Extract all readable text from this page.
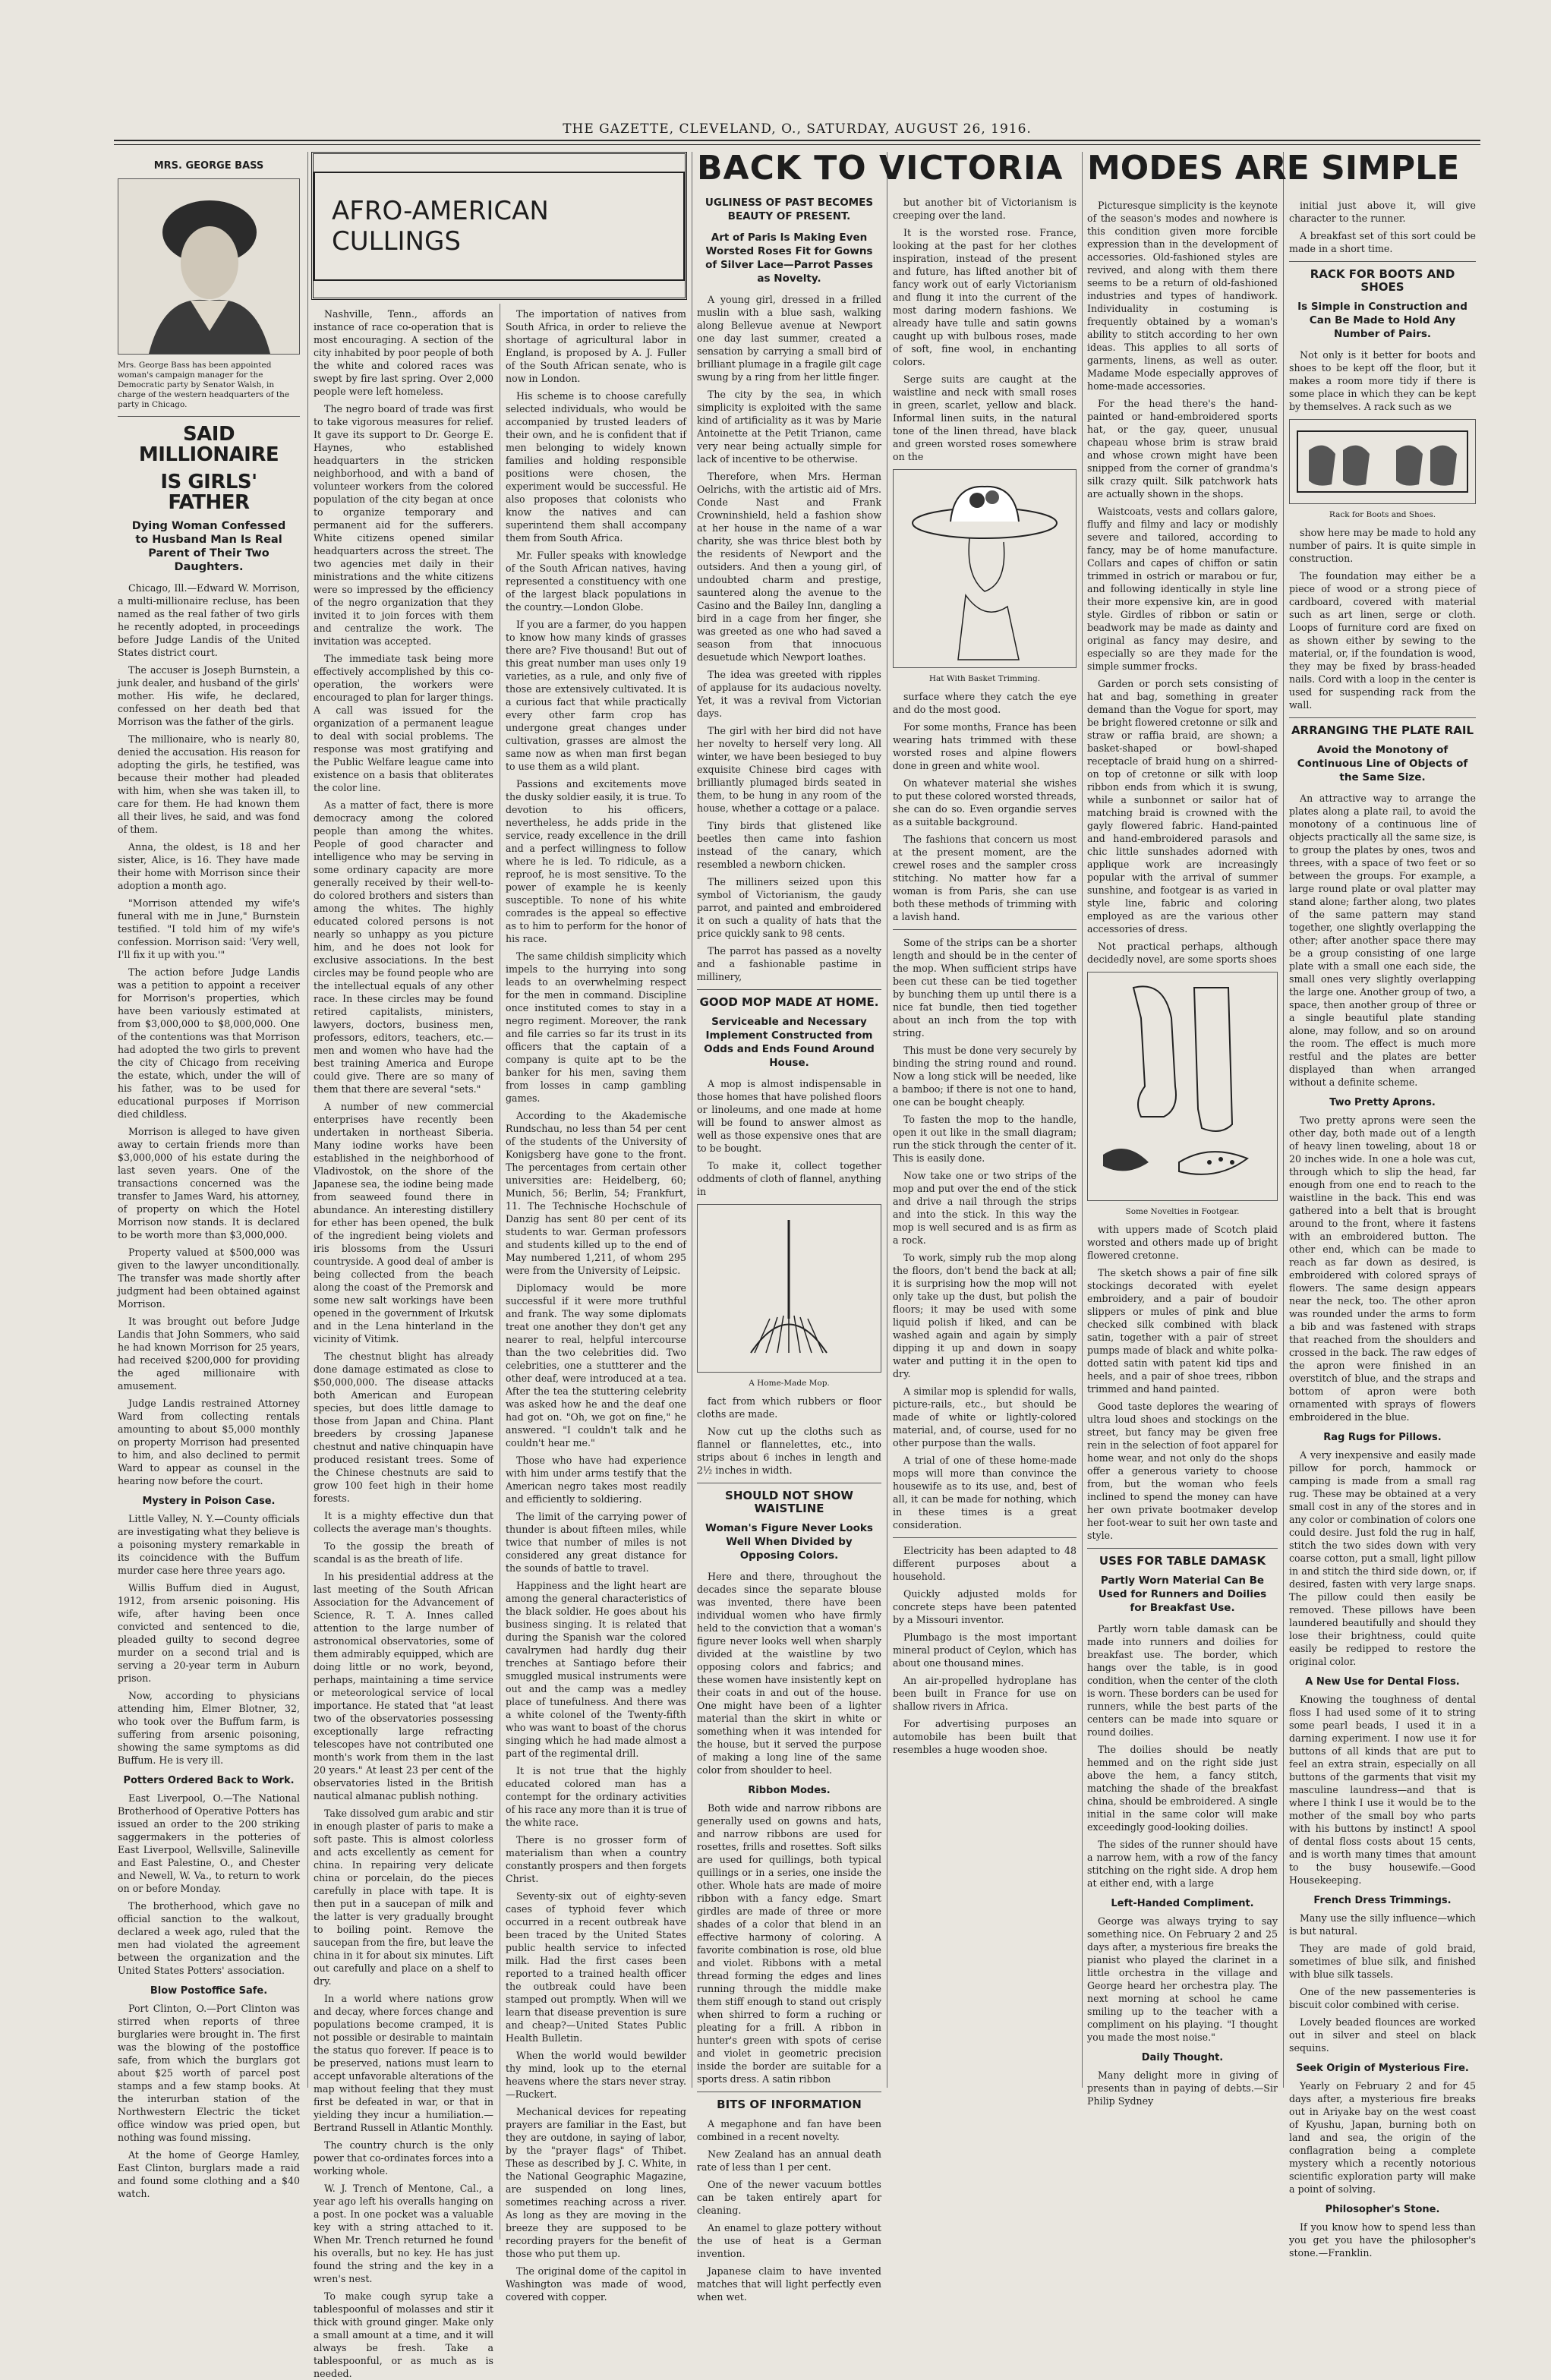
THE GAZETTE, CLEVELAND, O., SATURDAY, AUGUST 26, 1916.
MRS. GEORGE BASS
Mrs. George Bass has been appointed woman's campaign manager for the Democratic party by Senator Walsh, in charge of the western headquarters of the party in Chicago.
SAID MILLIONAIRE
IS GIRLS' FATHER
Dying Woman Confessed to Husband Man Is Real Parent of Their Two Daughters.

Chicago, Ill.—Edward W. Morrison, a multi-millionaire recluse, has been named as the real father of two girls he recently adopted, in proceedings before Judge Landis of the United States district court.

The accuser is Joseph Burnstein, a junk dealer, and husband of the girls' mother. His wife, he declared, confessed on her death bed that Morrison was the father of the girls.

The millionaire, who is nearly 80, denied the accusation. His reason for adopting the girls, he testified, was because their mother had pleaded with him, when she was taken ill, to care for them. He had known them all their lives, he said, and was fond of them.

Anna, the oldest, is 18 and her sister, Alice, is 16. They have made their home with Morrison since their adoption a month ago.

"Morrison attended my wife's funeral with me in June," Burnstein testified. "I told him of my wife's confession. Morrison said: 'Very well, I'll fix it up with you.'"

The action before Judge Landis was a petition to appoint a receiver for Morrison's properties, which have been variously estimated at from $3,000,000 to $8,000,000. One of the contentions was that Morrison had adopted the two girls to prevent the city of Chicago from receiving the estate, which, under the will of his father, was to be used for educational purposes if Morrison died childless.

Morrison is alleged to have given away to certain friends more than $3,000,000 of his estate during the last seven years. One of the transactions concerned was the transfer to James Ward, his attorney, of property on which the Hotel Morrison now stands. It is declared to be worth more than $3,000,000.

Property valued at $500,000 was given to the lawyer unconditionally. The transfer was made shortly after judgment had been obtained against Morrison.

It was brought out before Judge Landis that John Sommers, who said he had known Morrison for 25 years, had received $200,000 for providing the aged millionaire with amusement.

Judge Landis restrained Attorney Ward from collecting rentals amounting to about $5,000 monthly on property Morrison had presented to him, and also declined to permit Ward to appear as counsel in the hearing now before the court.

Mystery in Poison Case.

Little Valley, N. Y.—County officials are investigating what they believe is a poisoning mystery remarkable in its coincidence with the Buffum murder case here three years ago.

Willis Buffum died in August, 1912, from arsenic poisoning. His wife, after having been once convicted and sentenced to die, pleaded guilty to second degree murder on a second trial and is serving a 20-year term in Auburn prison.

Now, according to physicians attending him, Elmer Blotner, 32, who took over the Buffum farm, is suffering from arsenic poisoning, showing the same symptoms as did Buffum. He is very ill.

Potters Ordered Back to Work.

East Liverpool, O.—The National Brotherhood of Operative Potters has issued an order to the 200 striking saggermakers in the potteries of East Liverpool, Wellsville, Salineville and East Palestine, O., and Chester and Newell, W. Va., to return to work on or before Monday.

The brotherhood, which gave no official sanction to the walkout, declared a week ago, ruled that the men had violated the agreement between the organization and the United States Potters' association.

Blow Postoffice Safe.

Port Clinton, O.—Port Clinton was stirred when reports of three burglaries were brought in. The first was the blowing of the postoffice safe, from which the burglars got about $25 worth of parcel post stamps and a few stamp books. At the interurban station of the Northwestern Electric the ticket office window was pried open, but nothing was found missing.

At the home of George Hamley, East Clinton, burglars made a raid and found some clothing and a $40 watch.

AFRO-AMERICAN CULLINGS

Nashville, Tenn., affords an instance of race co-operation that is most encouraging. A section of the city inhabited by poor people of both the white and colored races was swept by fire last spring. Over 2,000 people were left homeless.

The negro board of trade was first to take vigorous measures for relief. It gave its support to Dr. George E. Haynes, who established headquarters in the stricken neighborhood, and with a band of volunteer workers from the colored population of the city began at once to organize temporary and permanent aid for the sufferers. White citizens opened similar headquarters across the street. The two agencies met daily in their ministrations and the white citizens were so impressed by the efficiency of the negro organization that they invited it to join forces with them and centralize the work. The invitation was accepted.

The immediate task being more effectively accomplished by this co-operation, the workers were encouraged to plan for larger things. A call was issued for the organization of a permanent league to deal with social problems. The response was most gratifying and the Public Welfare league came into existence on a basis that obliterates the color line.

As a matter of fact, there is more democracy among the colored people than among the whites. People of good character and intelligence who may be serving in some ordinary capacity are more generally received by their well-to-do colored brothers and sisters than among the whites. The highly educated colored persons is not nearly so unhappy as you picture him, and he does not look for exclusive associations. In the best circles may be found people who are the intellectual equals of any other race. In these circles may be found retired capitalists, ministers, lawyers, doctors, business men, professors, editors, teachers, etc.—men and women who have had the best training America and Europe could give. There are so many of them that there are several "sets."

A number of new commercial enterprises have recently been undertaken in northeast Siberia. Many iodine works have been established in the neighborhood of Vladivostok, on the shore of the Japanese sea, the iodine being made from seaweed found there in abundance. An interesting distillery for ether has been opened, the bulk of the ingredient being violets and iris blossoms from the Ussuri countryside. A good deal of amber is being collected from the beach along the coast of the Premorsk and some new salt workings have been opened in the government of Irkutsk and in the Lena hinterland in the vicinity of Vitimk.

The chestnut blight has already done damage estimated as close to $50,000,000. The disease attacks both American and European species, but does little damage to those from Japan and China. Plant breeders by crossing Japanese chestnut and native chinquapin have produced resistant trees. Some of the Chinese chestnuts are said to grow 100 feet high in their home forests.

It is a mighty effective dun that collects the average man's thoughts.

To the gossip the breath of scandal is as the breath of life.

In his presidential address at the last meeting of the South African Association for the Advancement of Science, R. T. A. Innes called attention to the large number of astronomical observatories, some of them admirably equipped, which are doing little or no work, beyond, perhaps, maintaining a time service or meteorological service of local importance. He stated that "at least two of the observatories possessing exceptionally large refracting telescopes have not contributed one month's work from them in the last 20 years." At least 23 per cent of the observatories listed in the British nautical almanac publish nothing.

Take dissolved gum arabic and stir in enough plaster of paris to make a soft paste. This is almost colorless and acts excellently as cement for china. In repairing very delicate china or porcelain, do the pieces carefully in place with tape. It is then put in a saucepan of milk and the latter is very gradually brought to boiling point. Remove the saucepan from the fire, but leave the china in it for about six minutes. Lift out carefully and place on a shelf to dry.

In a world where nations grow and decay, where forces change and populations become cramped, it is not possible or desirable to maintain the status quo forever. If peace is to be preserved, nations must learn to accept unfavorable alterations of the map without feeling that they must first be defeated in war, or that in yielding they incur a humiliation.—Bertrand Russell in Atlantic Monthly.

The country church is the only power that co-ordinates forces into a working whole.

W. J. Trench of Mentone, Cal., a year ago left his overalls hanging on a post. In one pocket was a valuable key with a string attached to it. When Mr. Trench returned he found his overalls, but no key. He has just found the string and the key in a wren's nest.

To make cough syrup take a tablespoonful of molasses and stir it thick with ground ginger. Make only a small amount at a time, and it will always be fresh. Take a tablespoonful, or as much as is needed.

The importation of natives from South Africa, in order to relieve the shortage of agricultural labor in England, is proposed by A. J. Fuller of the South African senate, who is now in London.

His scheme is to choose carefully selected individuals, who would be accompanied by trusted leaders of their own, and he is confident that if men belonging to widely known families and holding responsible positions were chosen, the experiment would be successful. He also proposes that colonists who know the natives and can superintend them shall accompany them from South Africa.

Mr. Fuller speaks with knowledge of the South African natives, having represented a constituency with one of the largest black populations in the country.—London Globe.

If you are a farmer, do you happen to know how many kinds of grasses there are? Five thousand! But out of this great number man uses only 19 varieties, as a rule, and only five of those are extensively cultivated. It is a curious fact that while practically every other farm crop has undergone great changes under cultivation, grasses are almost the same now as when man first began to use them as a wild plant.

Passions and excitements move the dusky soldier easily, it is true. To devotion to his officers, nevertheless, he adds pride in the service, ready excellence in the drill and a perfect willingness to follow where he is led. To ridicule, as a reproof, he is most sensitive. To the power of example he is keenly susceptible. To none of his white comrades is the appeal so effective as to him to perform for the honor of his race.

The same childish simplicity which impels to the hurrying into song leads to an overwhelming respect for the men in command. Discipline once instituted comes to stay in a negro regiment. Moreover, the rank and file carries so far its trust in its officers that the captain of a company is quite apt to be the banker for his men, saving them from losses in camp gambling games.

According to the Akademische Rundschau, no less than 54 per cent of the students of the University of Konigsberg have gone to the front. The percentages from certain other universities are: Heidelberg, 60; Munich, 56; Berlin, 54; Frankfurt, 11. The Technische Hochschule of Danzig has sent 80 per cent of its students to war. German professors and students killed up to the end of May numbered 1,211, of whom 295 were from the University of Leipsic.

Diplomacy would be more successful if it were more truthful and frank. The way some diplomats treat one another they don't get any nearer to real, helpful intercourse than the two celebrities did. Two celebrities, one a stuttterer and the other deaf, were introduced at a tea. After the tea the stuttering celebrity was asked how he and the deaf one had got on. "Oh, we got on fine," he answered. "I couldn't talk and he couldn't hear me."

Those who have had experience with him under arms testify that the American negro takes most readily and efficiently to soldiering.

The limit of the carrying power of thunder is about fifteen miles, while twice that number of miles is not considered any great distance for the sounds of battle to travel.

Happiness and the light heart are among the general characteristics of the black soldier. He goes about his business singing. It is related that during the Spanish war the colored cavalrymen had hardly dug their trenches at Santiago before their smuggled musical instruments were out and the camp was a medley place of tunefulness. And there was a white colonel of the Twenty-fifth who was want to boast of the chorus singing which he had made almost a part of the regimental drill.

It is not true that the highly educated colored man has a contempt for the ordinary activities of his race any more than it is true of the white race.

There is no grosser form of materialism than when a country constantly prospers and then forgets Christ.

Seventy-six out of eighty-seven cases of typhoid fever which occurred in a recent outbreak have been traced by the United States public health service to infected milk. Had the first cases been reported to a trained health officer the outbreak could have been stamped out promptly. When will we learn that disease prevention is sure and cheap?—United States Public Health Bulletin.

When the world would bewilder thy mind, look up to the eternal heavens where the stars never stray.—Ruckert.

Mechanical devices for repeating prayers are familiar in the East, but they are outdone, in saying of labor, by the "prayer flags" of Thibet. These as described by J. C. White, in the National Geographic Magazine, are suspended on long lines, sometimes reaching across a river. As long as they are moving in the breeze they are supposed to be recording prayers for the benefit of those who put them up.

The original dome of the capitol in Washington was made of wood, covered with copper.

BACK TO VICTORIA
UGLINESS OF PAST BECOMES BEAUTY OF PRESENT.
Art of Paris Is Making Even Worsted Roses Fit for Gowns of Silver Lace—Parrot Passes as Novelty.

A young girl, dressed in a frilled muslin with a blue sash, walking along Bellevue avenue at Newport one day last summer, created a sensation by carrying a small bird of brilliant plumage in a fragile gilt cage swung by a ring from her little finger.

The city by the sea, in which simplicity is exploited with the same kind of artificiality as it was by Marie Antoinette at the Petit Trianon, came very near being actually simple for lack of incentive to be otherwise.

Therefore, when Mrs. Herman Oelrichs, with the artistic aid of Mrs. Conde Nast and Frank Crowninshield, held a fashion show at her house in the name of a war charity, she was thrice blest both by the residents of Newport and the outsiders. And then a young girl, of undoubted charm and prestige, sauntered along the avenue to the Casino and the Bailey Inn, dangling a bird in a cage from her finger, she was greeted as one who had saved a season from that innocuous desuetude which Newport loathes.

The idea was greeted with ripples of applause for its audacious novelty. Yet, it was a revival from Victorian days.

The girl with her bird did not have her novelty to herself very long. All winter, we have been besieged to buy exquisite Chinese bird cages with brilliantly plumaged birds seated in them, to be hung in any room of the house, whether a cottage or a palace.

Tiny birds that glistened like beetles then came into fashion instead of the canary, which resembled a newborn chicken.

The milliners seized upon this symbol of Victorianism, the gaudy parrot, and painted and embroidered it on such a quality of hats that the price quickly sank to 98 cents.

The parrot has passed as a novelty and a fashionable pastime in millinery,

GOOD MOP MADE AT HOME.
Serviceable and Necessary Implement Constructed from Odds and Ends Found Around House.

A mop is almost indispensable in those homes that have polished floors or linoleums, and one made at home will be found to answer almost as well as those expensive ones that are to be bought.

To make it, collect together oddments of cloth of flannel, anything in

A Home-Made Mop.

fact from which rubbers or floor cloths are made.

Now cut up the cloths such as flannel or flannelettes, etc., into strips about 6 inches in length and 2½ inches in width.

SHOULD NOT SHOW WAISTLINE
Woman's Figure Never Looks Well When Divided by Opposing Colors.

Here and there, throughout the decades since the separate blouse was invented, there have been individual women who have firmly held to the conviction that a woman's figure never looks well when sharply divided at the waistline by two opposing colors and fabrics; and these women have insistently kept on their coats in and out of the house. One might have been of a lighter material than the skirt in white or something when it was intended for the house, but it served the purpose of making a long line of the same color from shoulder to heel.

Ribbon Modes.

Both wide and narrow ribbons are generally used on gowns and hats, and narrow ribbons are used for rosettes, frills and rosettes. Soft silks are used for quillings, both typical quillings or in a series, one inside the other. Whole hats are made of moire ribbon with a fancy edge. Smart girdles are made of three or more shades of a color that blend in an effective harmony of coloring. A favorite combination is rose, old blue and violet. Ribbons with a metal thread forming the edges and lines running through the middle make them stiff enough to stand out crisply when shirred to form a ruching or pleating for a frill. A ribbon in hunter's green with spots of cerise and violet in geometric precision inside the border are suitable for a sports dress. A satin ribbon

BITS OF INFORMATION

A megaphone and fan have been combined in a recent novelty.

New Zealand has an annual death rate of less than 1 per cent.

One of the newer vacuum bottles can be taken entirely apart for cleaning.

An enamel to glaze pottery without the use of heat is a German invention.

Japanese claim to have invented matches that will light perfectly even when wet.

but another bit of Victorianism is creeping over the land.

It is the worsted rose. France, looking at the past for her clothes inspiration, instead of the present and future, has lifted another bit of fancy work out of early Victorianism and flung it into the current of the most daring modern fashions. We already have tulle and satin gowns caught up with bulbous roses, made of soft, fine wool, in enchanting colors.

Serge suits are caught at the waistline and neck with small roses in green, scarlet, yellow and black. Informal linen suits, in the natural tone of the linen thread, have black and green worsted roses somewhere on the

Hat With Basket Trimming.

surface where they catch the eye and do the most good.

For some months, France has been wearing hats trimmed with these worsted roses and alpine flowers done in green and white wool.

On whatever material she wishes to put these colored worsted threads, she can do so. Even organdie serves as a suitable background.

The fashions that concern us most at the present moment, are the crewel roses and the sampler cross stitching. No matter how far a woman is from Paris, she can use both these methods of trimming with a lavish hand.

Some of the strips can be a shorter length and should be in the center of the mop. When sufficient strips have been cut these can be tied together by bunching them up until there is a nice fat bundle, then tied together about an inch from the top with string.

This must be done very securely by binding the string round and round. Now a long stick will be needed, like a bamboo; if there is not one to hand, one can be bought cheaply.

To fasten the mop to the handle, open it out like in the small diagram; run the stick through the center of it. This is easily done.

Now take one or two strips of the mop and put over the end of the stick and drive a nail through the strips and into the stick. In this way the mop is well secured and is as firm as a rock.

To work, simply rub the mop along the floors, don't bend the back at all; it is surprising how the mop will not only take up the dust, but polish the floors; it may be used with some liquid polish if liked, and can be washed again and again by simply dipping it up and down in soapy water and putting it in the open to dry.

A similar mop is splendid for walls, picture-rails, etc., but should be made of white or lightly-colored material, and, of course, used for no other purpose than the walls.

A trial of one of these home-made mops will more than convince the housewife as to its use, and, best of all, it can be made for nothing, which in these times is a great consideration.

Electricity has been adapted to 48 different purposes about a household.

Quickly adjusted molds for concrete steps have been patented by a Missouri inventor.

Plumbago is the most important mineral product of Ceylon, which has about one thousand mines.

An air-propelled hydroplane has been built in France for use on shallow rivers in Africa.

For advertising purposes an automobile has been built that resembles a huge wooden shoe.

MODES ARE SIMPLE

Picturesque simplicity is the keynote of the season's modes and nowhere is this condition given more forcible expression than in the development of accessories. Old-fashioned styles are revived, and along with them there seems to be a return of old-fashioned industries and types of handiwork. Individuality in costuming is frequently obtained by a woman's ability to stitch according to her own ideas. This applies to all sorts of garments, linens, as well as outer. Madame Mode especially approves of home-made accessories.

For the head there's the hand-painted or hand-embroidered sports hat, or the gay, queer, unusual chapeau whose brim is straw braid and whose crown might have been snipped from the corner of grandma's silk crazy quilt. Silk patchwork hats are actually shown in the shops.

Waistcoats, vests and collars galore, fluffy and filmy and lacy or modishly severe and tailored, according to fancy, may be of home manufacture. Collars and capes of chiffon or satin trimmed in ostrich or marabou or fur, and following identically in style line their more expensive kin, are in good style. Girdles of ribbon or satin or beadwork may be made as dainty and original as fancy may desire, and especially so are they made for the simple summer frocks.

Garden or porch sets consisting of hat and bag, something in greater demand than the Vogue for sport, may be bright flowered cretonne or silk and straw or raffia braid, are shown; a basket-shaped or bowl-shaped receptacle of braid hung on a shirred-on top of cretonne or silk with loop ribbon ends from which it is swung, while a sunbonnet or sailor hat of matching braid is crowned with the gayly flowered fabric. Hand-painted and hand-embroidered parasols and chic little sunshades adorned with applique work are increasingly popular with the arrival of summer sunshine, and footgear is as varied in style line, fabric and coloring employed as are the various other accessories of dress.

Not practical perhaps, although decidedly novel, are some sports shoes

Some Novelties in Footgear.

with uppers made of Scotch plaid worsted and others made up of bright flowered cretonne.

The sketch shows a pair of fine silk stockings decorated with eyelet embroidery, and a pair of boudoir slippers or mules of pink and blue checked silk combined with black satin, together with a pair of street pumps made of black and white polka-dotted satin with patent kid tips and heels, and a pair of shoe trees, ribbon trimmed and hand painted.

Good taste deplores the wearing of ultra loud shoes and stockings on the street, but fancy may be given free rein in the selection of foot apparel for home wear, and not only do the shops offer a generous variety to choose from, but the woman who feels inclined to spend the money can have her own private bootmaker develop her foot-wear to suit her own taste and style.

USES FOR TABLE DAMASK
Partly Worn Material Can Be Used for Runners and Doilies for Breakfast Use.

Partly worn table damask can be made into runners and doilies for breakfast use. The border, which hangs over the table, is in good condition, when the center of the cloth is worn. These borders can be used for runners, while the best parts of the centers can be made into square or round doilies.

The doilies should be neatly hemmed and on the right side just above the hem, a fancy stitch, matching the shade of the breakfast china, should be embroidered. A single initial in the same color will make exceedingly good-looking doilies.

The sides of the runner should have a narrow hem, with a row of the fancy stitching on the right side. A drop hem at either end, with a large

Left-Handed Compliment.

George was always trying to say something nice. On February 2 and 25 days after, a mysterious fire breaks the pianist who played the clarinet in a little orchestra in the village and George heard her orchestra play. The next morning at school he came smiling up to the teacher with a compliment on his playing. "I thought you made the most noise."

Daily Thought.

Many delight more in giving of presents than in paying of debts.—Sir Philip Sydney

initial just above it, will give character to the runner.

A breakfast set of this sort could be made in a short time.

RACK FOR BOOTS AND SHOES
Is Simple in Construction and Can Be Made to Hold Any Number of Pairs.

Not only is it better for boots and shoes to be kept off the floor, but it makes a room more tidy if there is some place in which they can be kept by themselves. A rack such as we

Rack for Boots and Shoes.

show here may be made to hold any number of pairs. It is quite simple in construction.

The foundation may either be a piece of wood or a strong piece of cardboard, covered with material such as art linen, serge or cloth. Loops of furniture cord are fixed on as shown either by sewing to the material, or, if the foundation is wood, they may be fixed by brass-headed nails. Cord with a loop in the center is used for suspending rack from the wall.

ARRANGING THE PLATE RAIL
Avoid the Monotony of Continuous Line of Objects of the Same Size.

An attractive way to arrange the plates along a plate rail, to avoid the monotony of a continuous line of objects practically all the same size, is to group the plates by ones, twos and threes, with a space of two feet or so between the groups. For example, a large round plate or oval platter may stand alone; farther along, two plates of the same pattern may stand together, one slightly overlapping the other; after another space there may be a group consisting of one large plate with a small one each side, the small ones very slightly overlapping the large one. Another group of two, a space, then another group of three or a single beautiful plate standing alone, may follow, and so on around the room. The effect is much more restful and the plates are better displayed than when arranged without a definite scheme.

Two Pretty Aprons.

Two pretty aprons were seen the other day, both made out of a length of heavy linen toweling, about 18 or 20 inches wide. In one a hole was cut, through which to slip the head, far enough from one end to reach to the waistline in the back. This end was gathered into a belt that is brought around to the front, where it fastens with an embroidered button. The other end, which can be made to reach as far down as desired, is embroidered with colored sprays of flowers. The same design appears near the neck, too. The other apron was rounded under the arms to form a bib and was fastened with straps that reached from the shoulders and crossed in the back. The raw edges of the apron were finished in an overstitch of blue, and the straps and bottom of apron were both ornamented with sprays of flowers embroidered in the blue.

Rag Rugs for Pillows.

A very inexpensive and easily made pillow for porch, hammock or camping is made from a small rag rug. These may be obtained at a very small cost in any of the stores and in any color or combination of colors one could desire. Just fold the rug in half, stitch the two sides down with very coarse cotton, put a small, light pillow in and stitch the third side down, or, if desired, fasten with very large snaps. The pillow could then easily be removed. These pillows have been laundered beautifully and should they lose their brightness, could quite easily be redipped to restore the original color.

A New Use for Dental Floss.

Knowing the toughness of dental floss I had used some of it to string some pearl beads, I used it in a darning experiment. I now use it for buttons of all kinds that are put to feel an extra strain, especially on all buttons of the garments that visit my masculine laundress—and that is where I think I use it would be to the mother of the small boy who parts with his buttons by instinct! A spool of dental floss costs about 15 cents, and is worth many times that amount to the busy housewife.—Good Housekeeping.

French Dress Trimmings.

Many use the silly influence—which is but natural.

They are made of gold braid, sometimes of blue silk, and finished with blue silk tassels.

One of the new passementeries is biscuit color combined with cerise.

Lovely beaded flounces are worked out in silver and steel on black sequins.

Seek Origin of Mysterious Fire.

Yearly on February 2 and for 45 days after, a mysterious fire breaks out in Ariyake bay on the west coast of Kyushu, Japan, burning both on land and sea, the origin of the conflagration being a complete mystery which a recently notorious scientific exploration party will make a point of solving.

Philosopher's Stone.

If you know how to spend less than you get you have the philosopher's stone.—Franklin.
